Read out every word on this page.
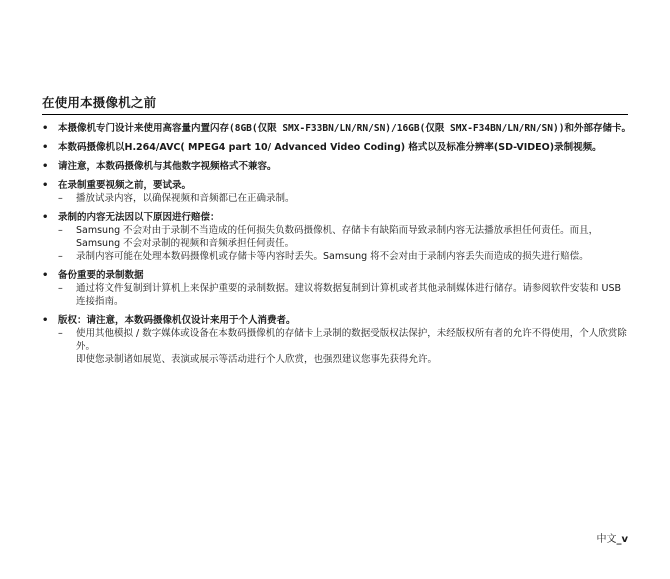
在使用本摄像机之前
• 本摄像机专门设计来使用高容量内置闪存(8GB(仅限 SMX-F33BN/LN/RN/SN)/16GB(仅限 SMX-F34BN/LN/RN/SN))和外部存储卡。
• 本数码摄像机以H.264/AVC( MPEG4 part 10/ Advanced Video Coding) 格式以及标准分辨率(SD-VIDEO)录制视频。
• 请注意，本数码摄像机与其他数字视频格式不兼容。
• 在录制重要视频之前，要试录。
– 播放试录内容，以确保视频和音频都已在正确录制。
• 录制的内容无法因以下原因进行赔偿：
– Samsung 不会对由于录制不当造成的任何损失负数码摄像机、存储卡有缺陷而导致录制内容无法播放承担任何责任。而且，Samsung 不会对录制的视频和音频承担任何责任。
– 录制内容可能在处理本数码摄像机或存储卡等内容时丢失。Samsung 将不会对由于录制内容丢失而造成的损失进行赔偿。
• 备份重要的录制数据
– 通过将文件复制到计算机上来保护重要的录制数据。建议将数据复制到计算机或者其他录制媒体进行储存。请参阅软件安装和 USB 连接指南。
• 版权：请注意，本数码摄像机仅设计来用于个人消费者。
– 使用其他模拟 / 数字媒体或设备在本数码摄像机的存储卡上录制的数据受版权法保护，未经版权所有者的允许不得使用，个人欣赏除外。
即使您录制诸如展览、表演或展示等活动进行个人欣赏，也强烈建议您事先获得允许。
中文_v
